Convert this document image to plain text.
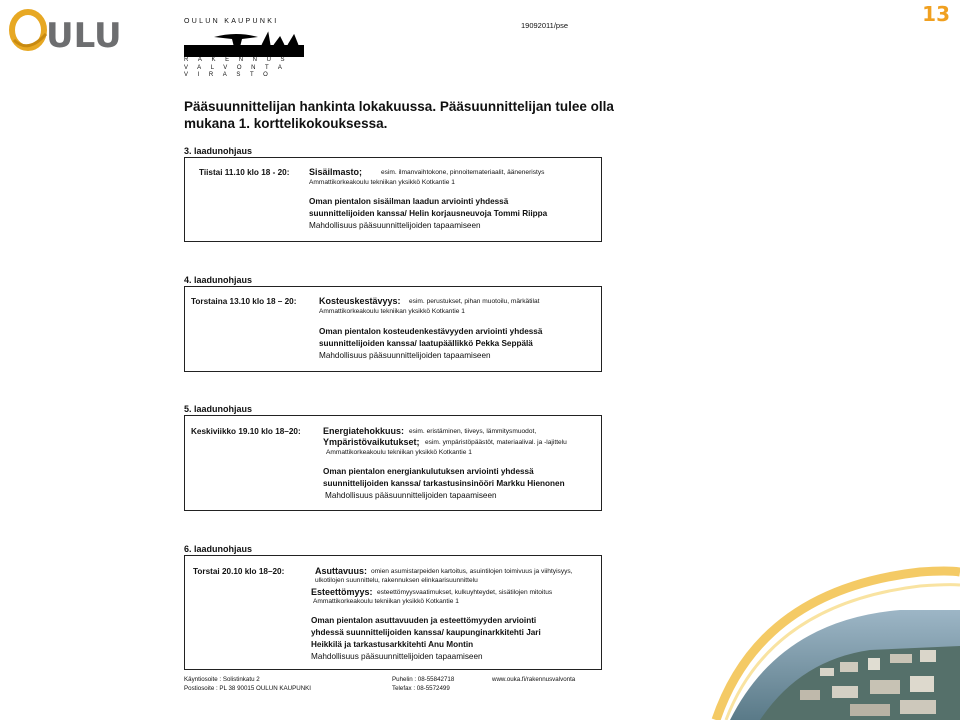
ULU
13
OULUN KAUPUNKI
RAKENNUS
VALVONTA
VIRASTO
19092011/pse
Pääsuunnittelijan hankinta lokakuussa. Pääsuunnittelijan tulee olla mukana 1. korttelikokouksessa.
3. laadunohjaus
Tiistai 11.10 klo 18 - 20: Sisäilmasto;	esim. ilmanvaihtokone, pinnoitemateriaalit, ääneneristys
Ammattikorkeakoulu tekniikan yksikkö Kotkantie 1
Oman pientalon sisäilman laadun arviointi yhdessä
suunnittelijoiden kanssa/ Helin korjausneuvoja Tommi Riippa
Mahdollisuus pääsuunnittelijoiden tapaamiseen
4. laadunohjaus
Torstaina 13.10 klo 18 – 20:	Kosteuskestävyys: esim. perustukset, pihan muotoilu, märkätilat
Ammattikorkeakoulu tekniikan yksikkö Kotkantie 1
Oman pientalon kosteudenkestävyyden arviointi yhdessä
suunnittelijoiden kanssa/ laatupäällikkö Pekka Seppälä
Mahdollisuus pääsuunnittelijoiden tapaamiseen
5. laadunohjaus
Keskiviikko 19.10 klo 18–20: Energiatehokkuus: esim. eristäminen, tiiveys, lämmitysmuodot,
Ympäristövaikutukset; esim. ympäristöpäästöt, materiaalival. ja -lajittelu
Ammattikorkeakoulu tekniikan yksikkö Kotkantie 1
Oman pientalon energiankulutuksen arviointi yhdessä
suunnittelijoiden kanssa/ tarkastusinsinööri Markku Hienonen
Mahdollisuus pääsuunnittelijoiden tapaamiseen
6. laadunohjaus
Torstai 20.10 klo 18–20:	Asuttavuus: omien asumistarpeiden kartoitus, asuintilojen toimivuus ja viihtyisyys,
ulkotilojen suunnittelu, rakennuksen elinkaarisuunnittelu
Esteettömyys: esteettömyysvaatimukset, kulkuyhteydet, sisätilojen mitoitus
Ammattikorkeakoulu tekniikan yksikkö Kotkantie 1
Oman pientalon asuttavuuden ja esteettömyyden arviointi
yhdessä suunnittelijoiden kanssa/ kaupunginarkkitehti Jari
Heikkilä ja tarkastusarkkitehti Anu Montin
Mahdollisuus pääsuunnittelijoiden tapaamiseen
Käyntiosoite : Solistinkatu 2
Postiosoite : PL 38 90015 OULUN KAUPUNKI
Puhelin : 08-55842718
Telefax : 08-5572499
www.ouka.fi/rakennusvalvonta
